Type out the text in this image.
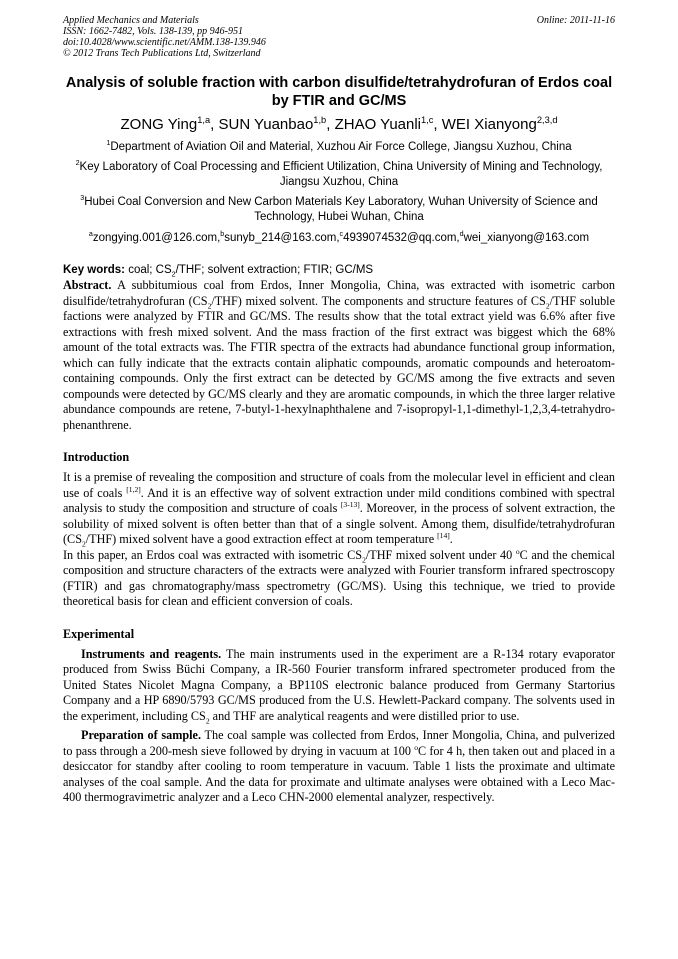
Applied Mechanics and Materials
ISSN: 1662-7482, Vols. 138-139, pp 946-951
doi:10.4028/www.scientific.net/AMM.138-139.946
© 2012 Trans Tech Publications Ltd, Switzerland
Online: 2011-11-16
Analysis of soluble fraction with carbon disulfide/tetrahydrofuran of Erdos coal by FTIR and GC/MS
ZONG Ying$^{1,a}$, SUN Yuanbao$^{1,b}$, ZHAO Yuanli$^{1,c}$, WEI Xianyong$^{2,3,d}$
$^1$Department of Aviation Oil and Material, Xuzhou Air Force College, Jiangsu Xuzhou, China
$^2$Key Laboratory of Coal Processing and Efficient Utilization, China University of Mining and Technology, Jiangsu Xuzhou, China
$^3$Hubei Coal Conversion and New Carbon Materials Key Laboratory, Wuhan University of Science and Technology, Hubei Wuhan, China
$^a$zongying.001@126.com,$^b$sunyb_214@163.com,$^c$4939074532@qq.com,$^d$wei_xianyong@163.com
Key words: coal; $CS_2$/THF; solvent extraction; FTIR; GC/MS

Abstract. A subbitumious coal from Erdos, Inner Mongolia, China, was extracted with isometric carbon disulfide/tetrahydrofuran $(CS_2/THF)$ mixed solvent. The components and structure features of $CS_2$/THF soluble factions were analyzed by FTIR and GC/MS. The results show that the total extract yield was 6.6% after five extractions with fresh mixed solvent. And the mass fraction of the first extract was biggest which the 68% amount of the total extracts was. The FTIR spectra of the extracts had abundance functional group information, which can fully indicate that the extracts contain aliphatic compounds, aromatic compounds and heteroatom-containing compounds. Only the first extract can be detected by GC/MS among the five extracts and seven compounds were detected by GC/MS clearly and they are aromatic compounds, in which the three larger relative abundance compounds are retene, 7-butyl-1-hexylnaphthalene and 7-isopropyl-1,1-dimethyl-1,2,3,4-tetrahydro-phenanthrene.

Introduction

It is a premise of revealing the composition and structure of coals from the molecular level in efficient and clean use of coals [1,2]. And it is an effective way of solvent extraction under mild conditions combined with spectral analysis to study the composition and structure of coals [3-13]. Moreover, in the process of solvent extraction, the solubility of mixed solvent is often better than that of a single solvent. Among them, disulfide/tetrahydrofuran $(CS_2/THF)$ mixed solvent have a good extraction effect at room temperature [14].

In this paper, an Erdos coal was extracted with isometric $CS_2$/THF mixed solvent under 40 $^o$C and the chemical composition and structure characters of the extracts were analyzed with Fourier transform infrared spectroscopy (FTIR) and gas chromatography/mass spectrometry (GC/MS). Using this technique, we tried to provide theoretical basis for clean and efficient conversion of coals.

Experimental

Instruments and reagents. The main instruments used in the experiment are a R-134 rotary evaporator produced from Swiss Büchi Company, a IR-560 Fourier transform infrared spectrometer produced from the United States Nicolet Magna Company, a BP110S electronic balance produced from Germany Startorius Company and a HP 6890/5793 GC/MS produced from the U.S. Hewlett-Packard company. The solvents used in the experiment, including $CS_2$ and THF are analytical reagents and were distilled prior to use.

Preparation of sample. The coal sample was collected from Erdos, Inner Mongolia, China, and pulverized to pass through a 200-mesh sieve followed by drying in vacuum at 100 $^o$C for 4 h, then taken out and placed in a desiccator for standby after cooling to room temperature in vacuum. Table 1 lists the proximate and ultimate analyses of the coal sample. And the data for proximate and ultimate analyses were obtained with a Leco Mac-400 thermogravimetric analyzer and a Leco CHN-2000 elemental analyzer, respectively.
